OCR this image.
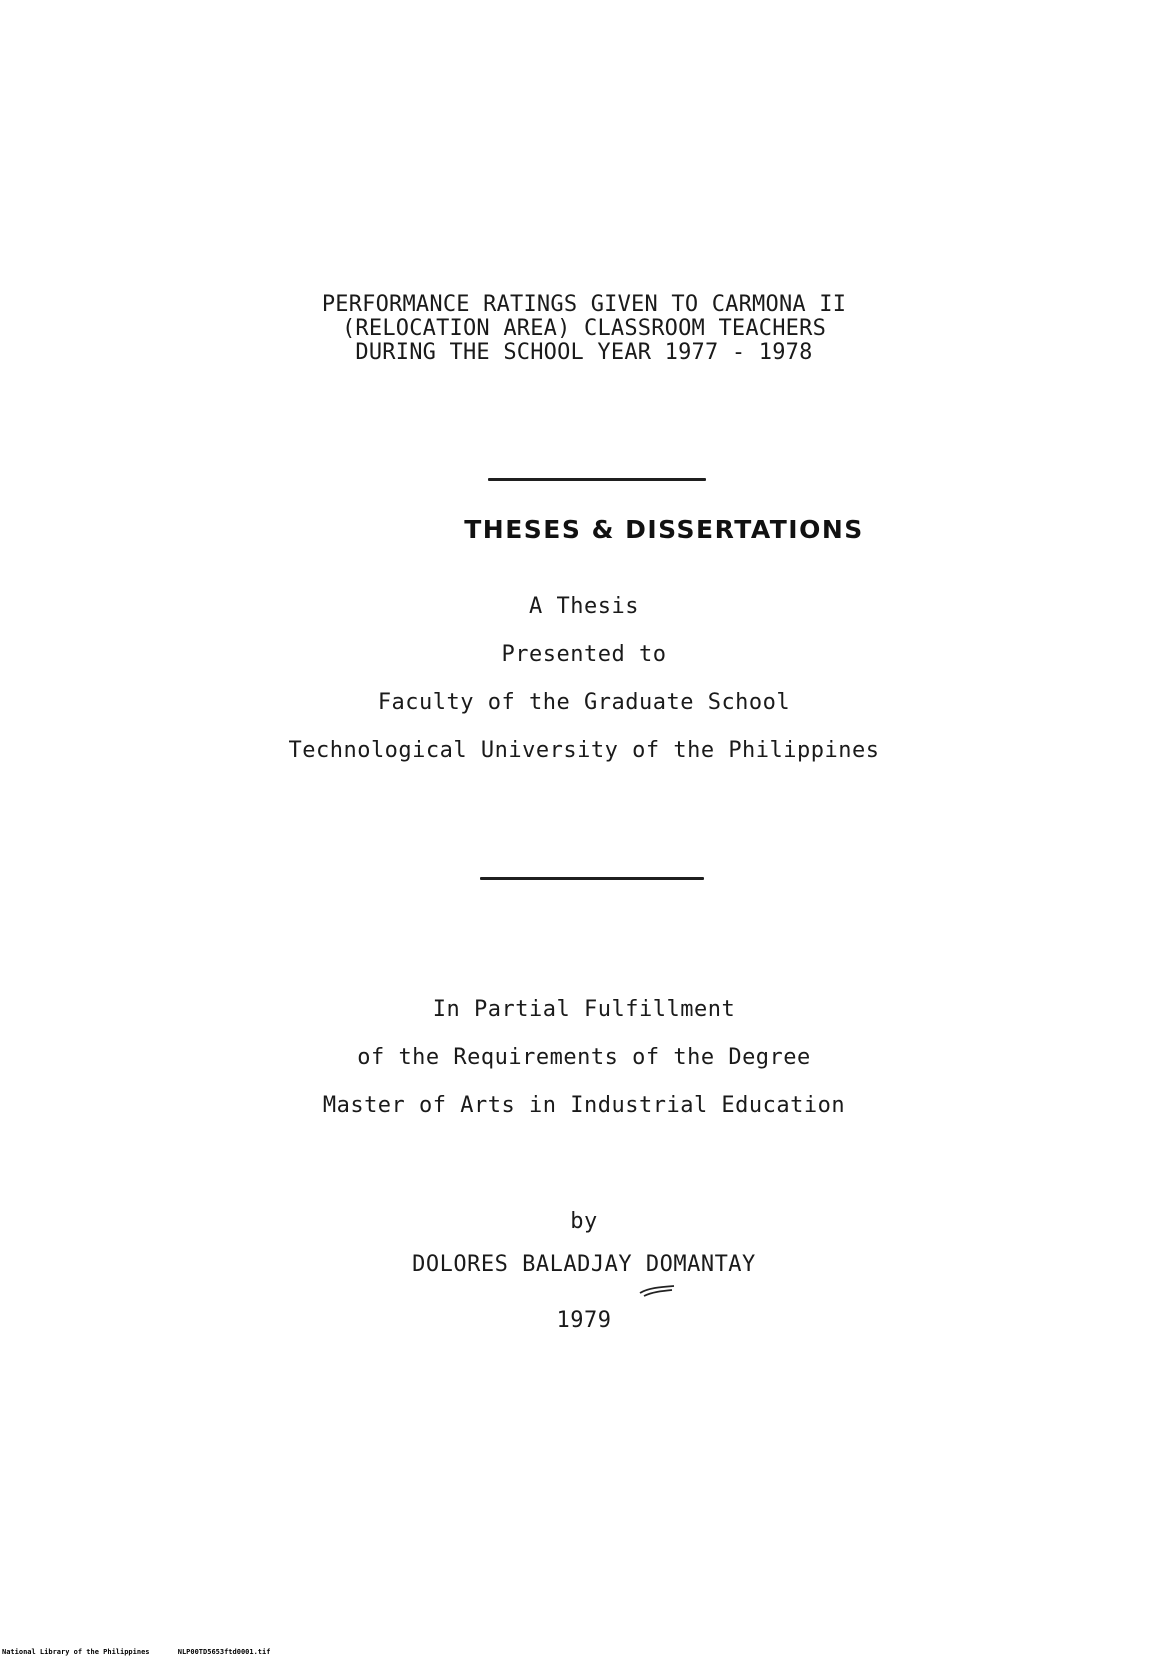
PERFORMANCE RATINGS GIVEN TO CARMONA II
(RELOCATION AREA) CLASSROOM TEACHERS
DURING THE SCHOOL YEAR 1977 - 1978
THESES & DISSERTATIONS
A Thesis
Presented to
Faculty of the Graduate School
Technological University of the Philippines
In Partial Fulfillment
of the Requirements of the Degree
Master of Arts in Industrial Education
by
DOLORES BALADJAY DOMANTAY
1979
National Library of the Philippines	NLP00TD5653ftd0001.tif
